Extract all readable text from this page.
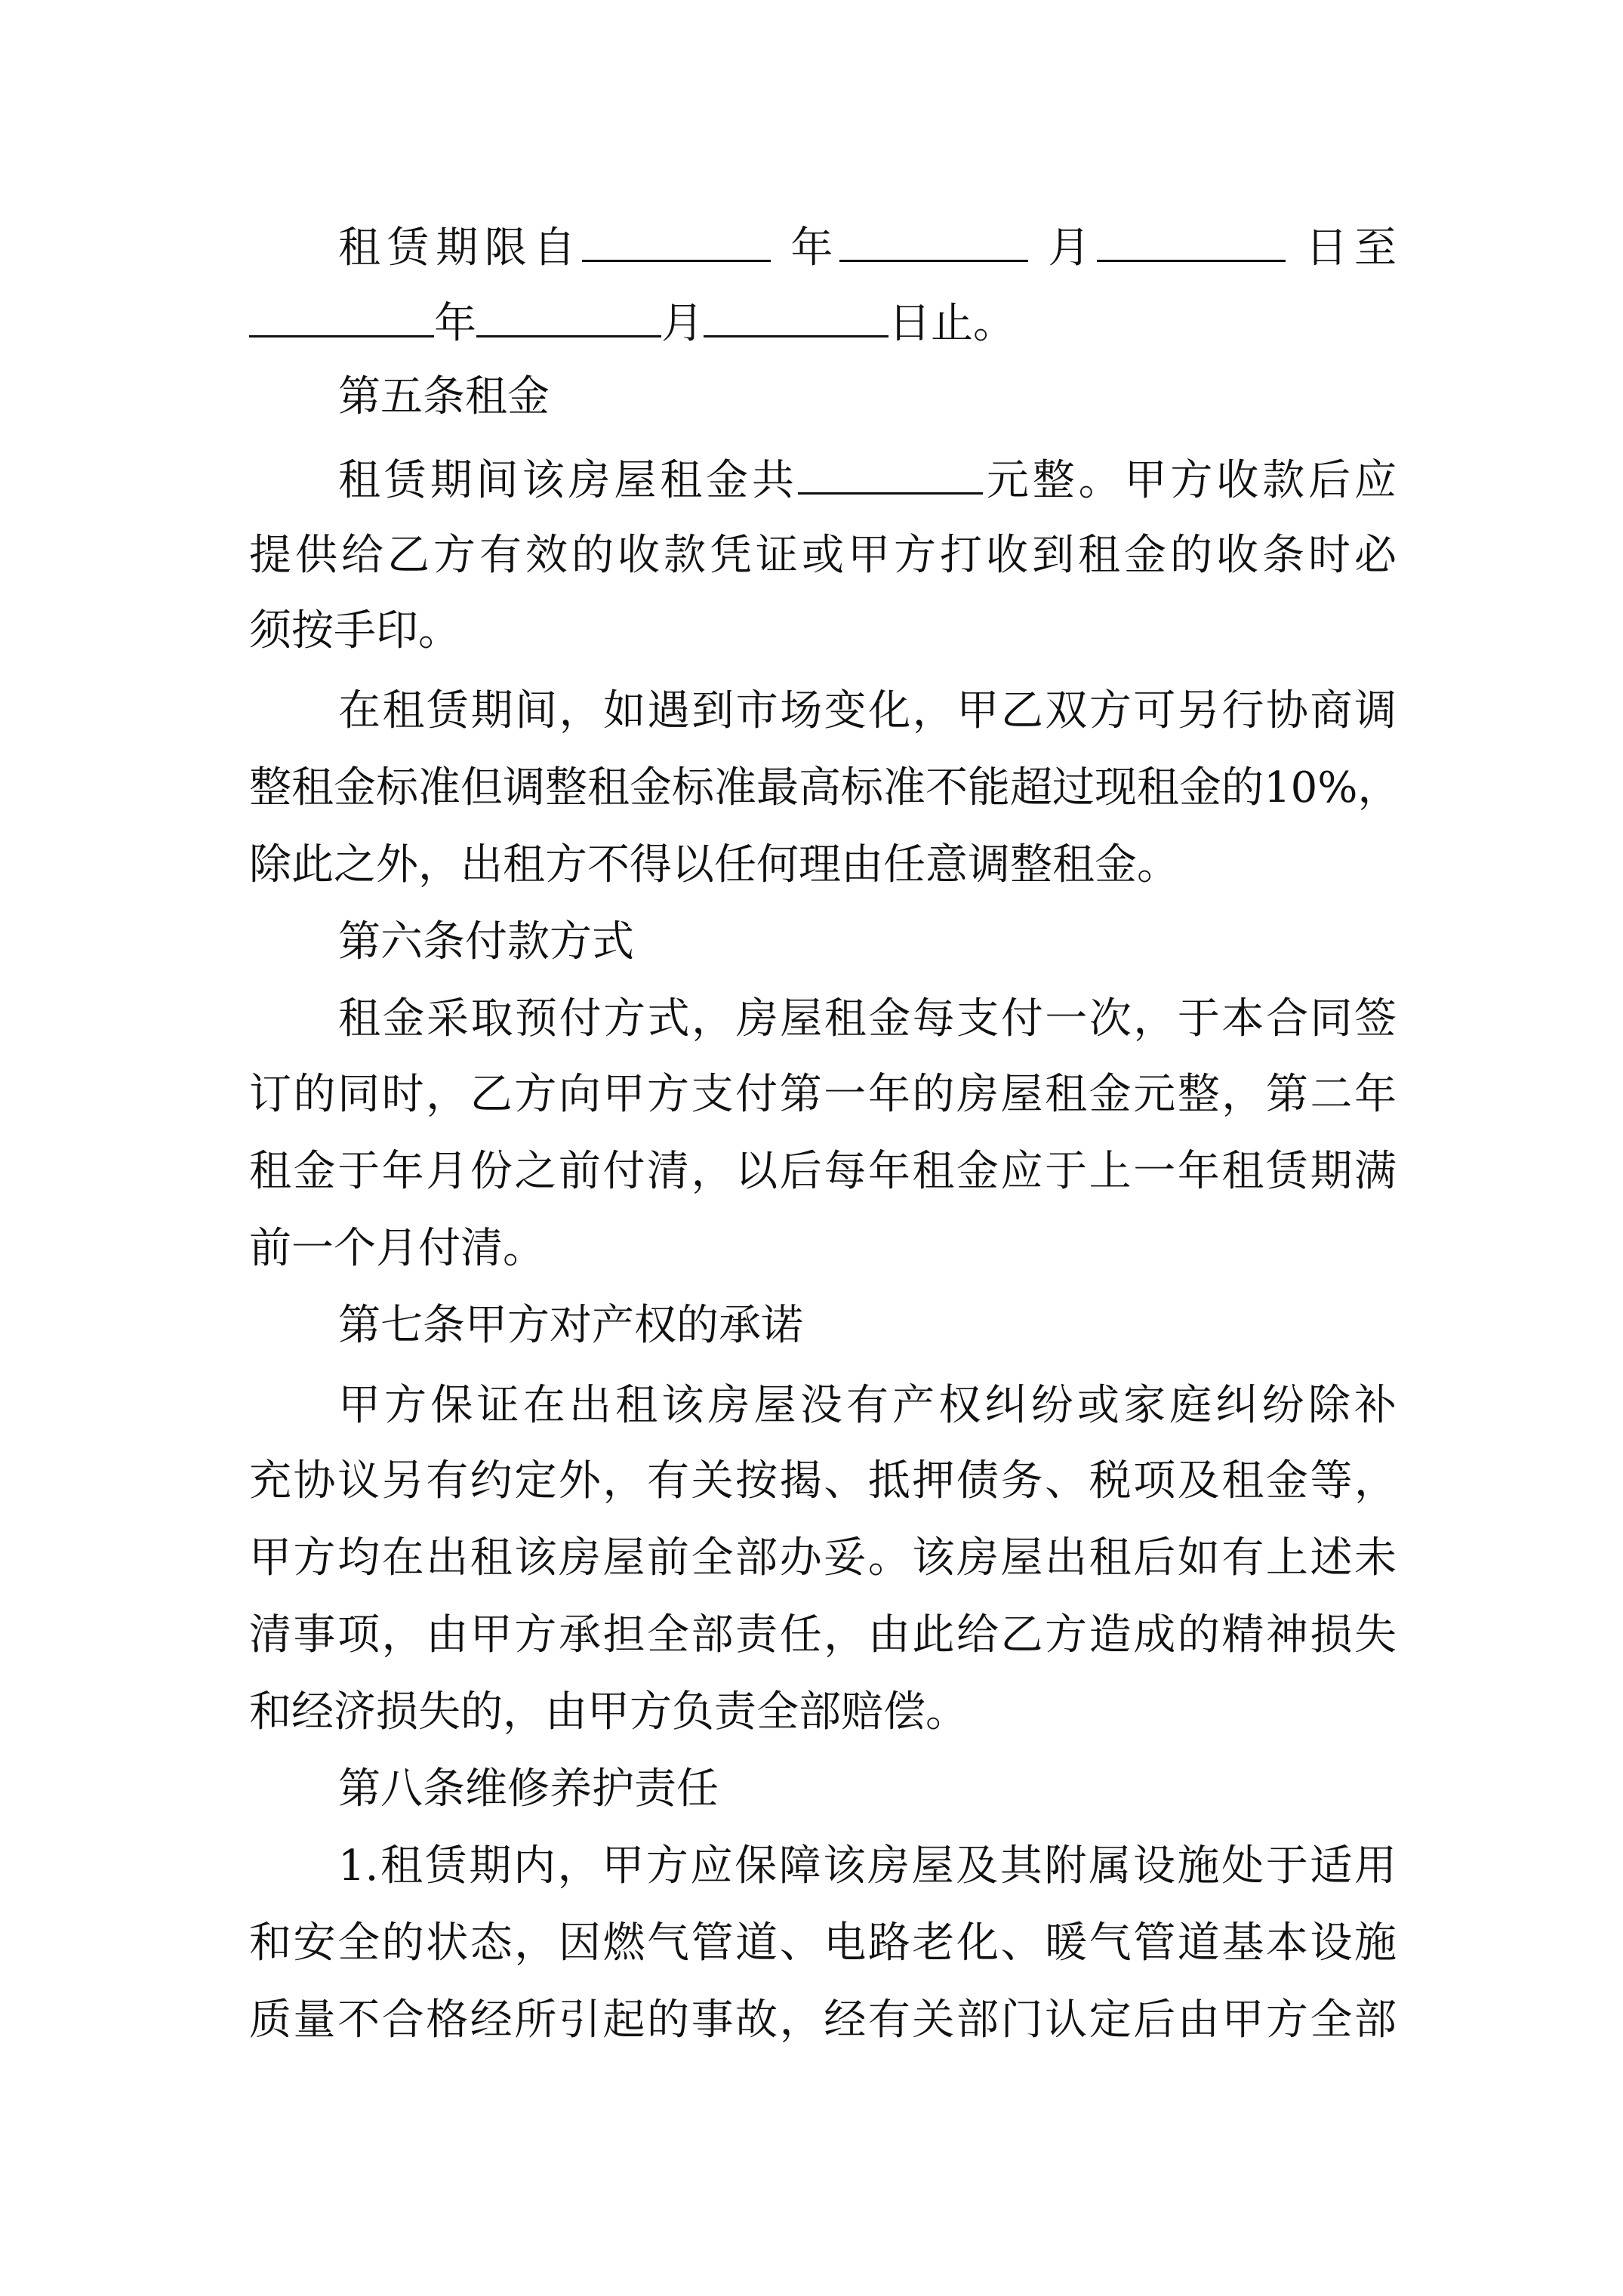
租赁期限自	年	月	日至
年	月	日止。
第五条租金
租赁期间该房屋租金共	元整。甲方收款后应
提供给乙方有效的收款凭证或甲方打收到租金的收条时必
须按手印。
在租赁期间，如遇到市场变化，甲乙双方可另行协商调
整租金标准但调整租金标准最高标准不能超过现租金的10%，
除此之外，出租方不得以任何理由任意调整租金。
第六条付款方式
租金采取预付方式，房屋租金每支付一次，于本合同签
订的同时，乙方向甲方支付第一年的房屋租金元整，第二年
租金于年月份之前付清，以后每年租金应于上一年租赁期满
前一个月付清。
第七条甲方对产权的承诺
甲方保证在出租该房屋没有产权纠纷或家庭纠纷除补
充协议另有约定外，有关按揭、抵押债务、税项及租金等，
甲方均在出租该房屋前全部办妥。该房屋出租后如有上述未
清事项，由甲方承担全部责任，由此给乙方造成的精神损失
和经济损失的，由甲方负责全部赔偿。
第八条维修养护责任
1.租赁期内，甲方应保障该房屋及其附属设施处于适用
和安全的状态，因燃气管道、电路老化、暖气管道基本设施
质量不合格经所引起的事故，经有关部门认定后由甲方全部
